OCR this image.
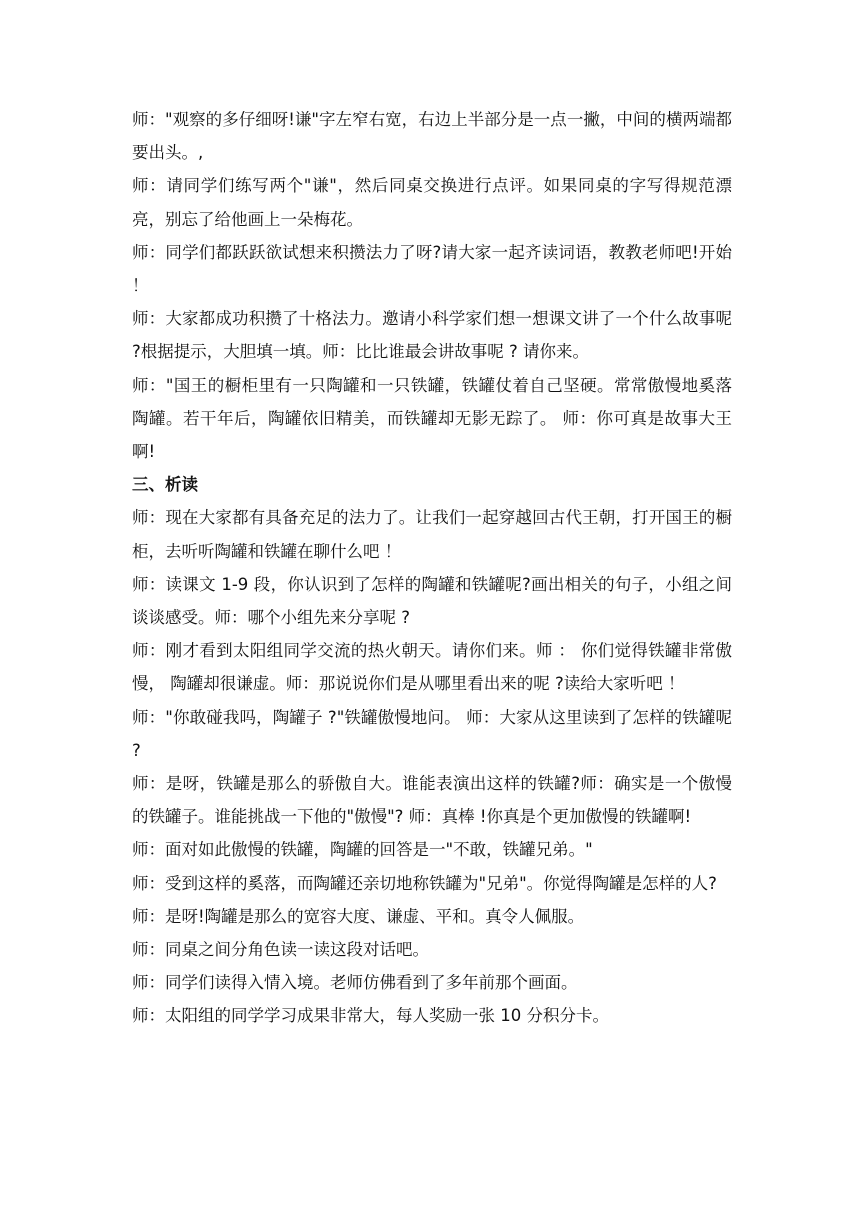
师："观察的多仔细呀!谦"字左窄右宽，右边上半部分是一点一撇，中间的横两端都要出头。,

师：请同学们练写两个"谦"，然后同桌交换进行点评。如果同桌的字写得规范漂亮，别忘了给他画上一朵梅花。

师：同学们都跃跃欲试想来积攒法力了呀?请大家一起齐读词语，教教老师吧!开始 ！

师：大家都成功积攒了十格法力。邀请小科学家们想一想课文讲了一个什么故事呢 ?根据提示，大胆填一填。师：比比谁最会讲故事呢 ? 请你来。

师："国王的橱柜里有一只陶罐和一只铁罐，铁罐仗着自己坚硬。常常傲慢地奚落陶罐。若干年后，陶罐依旧精美，而铁罐却无影无踪了。 师：你可真是故事大王啊!

三、析读

师：现在大家都有具备充足的法力了。让我们一起穿越回古代王朝，打开国王的橱柜，去听听陶罐和铁罐在聊什么吧 ！

师：读课文 1-9 段，你认识到了怎样的陶罐和铁罐呢?画出相关的句子，小组之间谈谈感受。师：哪个小组先来分享呢 ?

师：刚才看到太阳组同学交流的热火朝天。请你们来。师 ： 你们觉得铁罐非常傲慢， 陶罐却很谦虚。师：那说说你们是从哪里看出来的呢 ?读给大家听吧 ！

师："你敢碰我吗，陶罐子 ?"铁罐傲慢地问。 师：大家从这里读到了怎样的铁罐呢 ?

师：是呀，铁罐是那么的骄傲自大。谁能表演出这样的铁罐?师：确实是一个傲慢的铁罐子。谁能挑战一下他的"傲慢"? 师：真棒 !你真是个更加傲慢的铁罐啊!

师：面对如此傲慢的铁罐，陶罐的回答是一"不敢，铁罐兄弟。"

师：受到这样的奚落，而陶罐还亲切地称铁罐为"兄弟"。你觉得陶罐是怎样的人?

师：是呀!陶罐是那么的宽容大度、谦虚、平和。真令人佩服。

师：同桌之间分角色读一读这段对话吧。

师：同学们读得入情入境。老师仿佛看到了多年前那个画面。

师：太阳组的同学学习成果非常大，每人奖励一张 10 分积分卡。
